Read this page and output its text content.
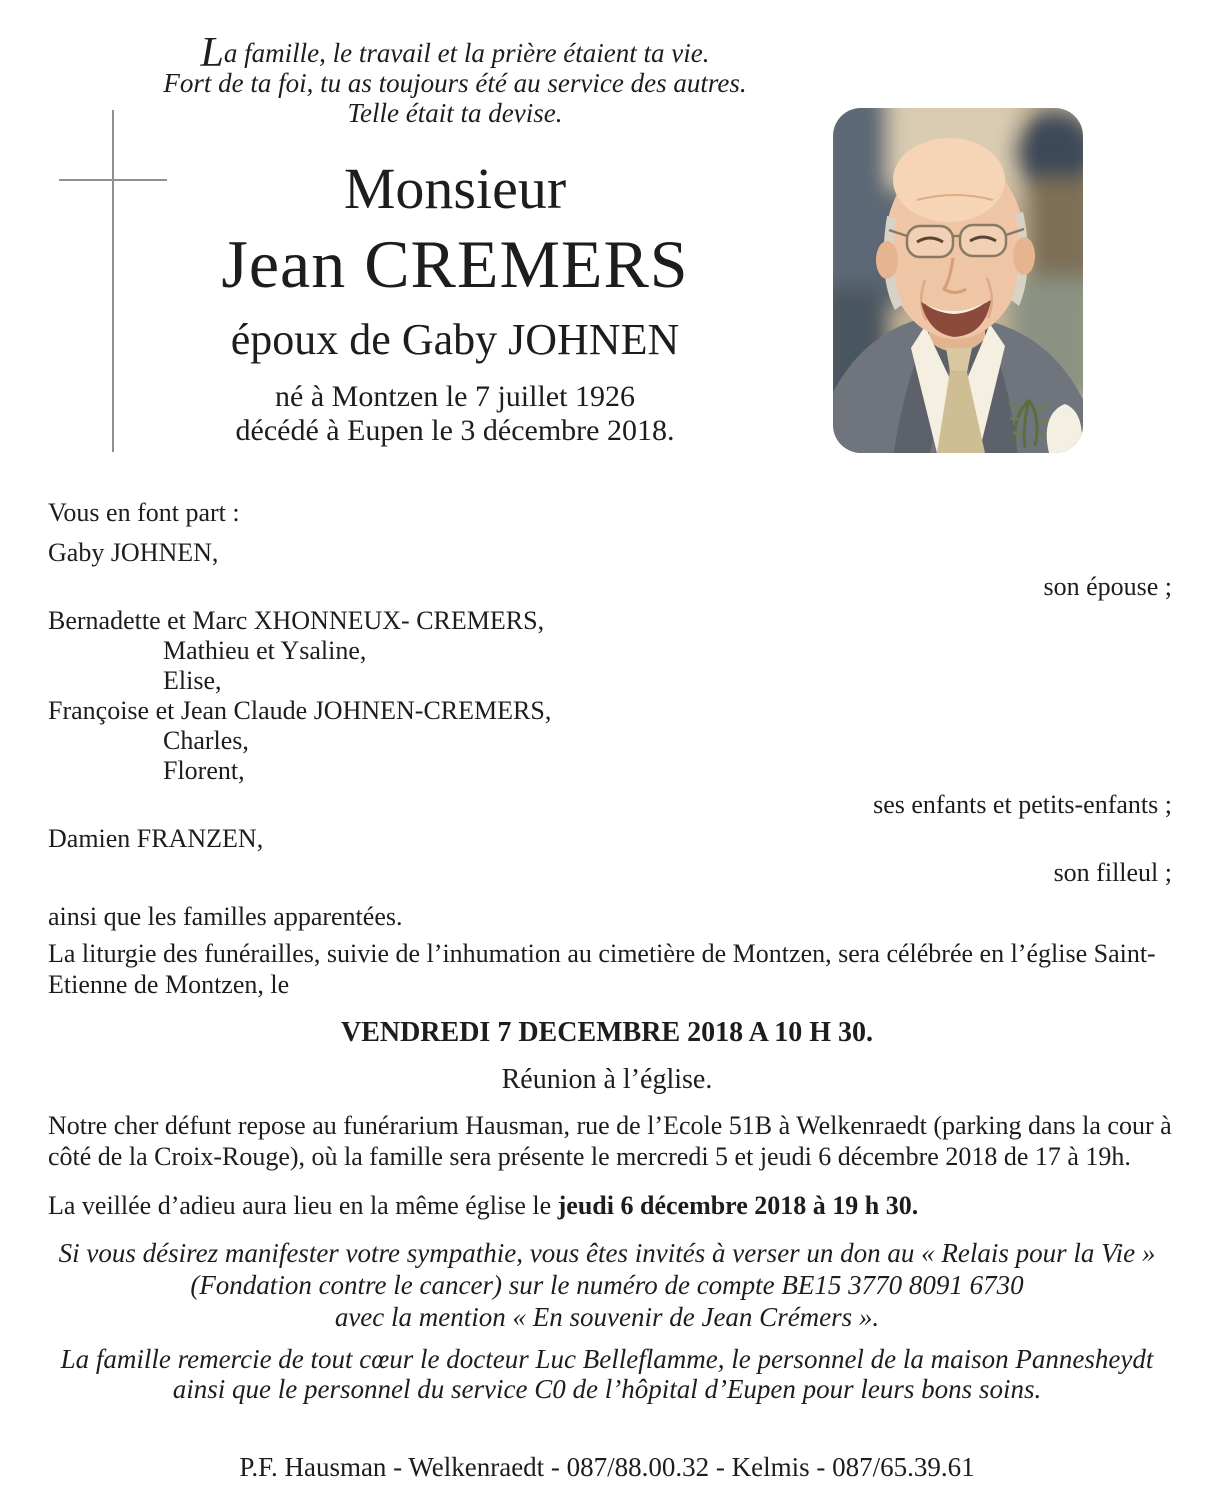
La famille, le travail et la prière étaient ta vie.
Fort de ta foi, tu as toujours été au service des autres.
Telle était ta devise.
Monsieur
Jean CREMERS
époux de Gaby JOHNEN
né à Montzen le 7 juillet 1926
décédé à Eupen le 3 décembre 2018.
Vous en font part :
Gaby JOHNEN,
son épouse ;
Bernadette et Marc XHONNEUX- CREMERS,
Mathieu et Ysaline,
Elise,
Françoise et Jean Claude JOHNEN-CREMERS,
Charles,
Florent,
ses enfants et petits-enfants ;
Damien FRANZEN,
son filleul ;
ainsi que les familles apparentées.
La liturgie des funérailles, suivie de l’inhumation au cimetière de Montzen, sera célébrée en l’église Saint-Etienne de Montzen, le
VENDREDI 7 DECEMBRE 2018 A 10 H 30.
Réunion à l’église.
Notre cher défunt repose au funérarium Hausman, rue de l’Ecole 51B à Welkenraedt (parking dans la cour à côté de la Croix-Rouge), où la famille sera présente le mercredi 5 et jeudi 6 décembre 2018 de 17 à 19h.
La veillée d’adieu aura lieu en la même église le jeudi 6 décembre 2018 à 19 h 30.
Si vous désirez manifester votre sympathie, vous êtes invités à verser un don au « Relais pour la Vie »
(Fondation contre le cancer) sur le numéro de compte BE15 3770 8091 6730
avec la mention « En souvenir de Jean Crémers ».
La famille remercie de tout cœur le docteur Luc Belleflamme, le personnel de la maison Pannesheydt
ainsi que le personnel du service C0 de l’hôpital d’Eupen pour leurs bons soins.
P.F. Hausman - Welkenraedt - 087/88.00.32 - Kelmis - 087/65.39.61
